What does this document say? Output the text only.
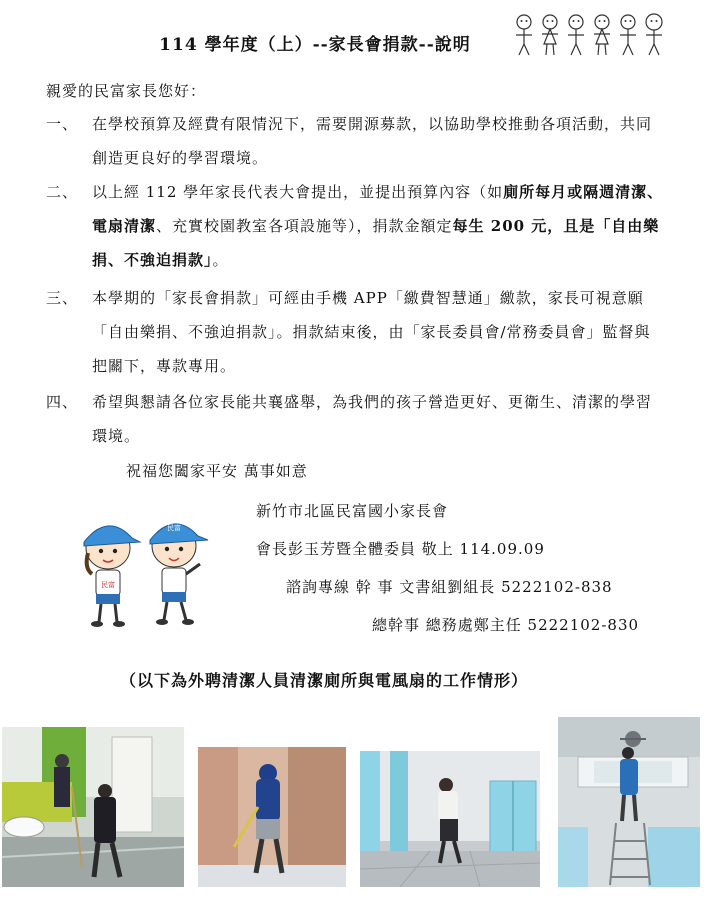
114 學年度（上）--家長會捐款--說明
親愛的民富家長您好：
一、 在學校預算及經費有限情況下，需要開源募款，以協助學校推動各項活動，共同創造更良好的學習環境。
二、 以上經 112 學年家長代表大會提出，並提出預算內容（如廁所每月或隔週清潔、電扇清潔、充實校園教室各項設施等），捐款金額定每生 200 元，且是「自由樂捐、不強迫捐款」。
三、 本學期的「家長會捐款」可經由手機 APP「繳費智慧通」繳款，家長可視意願「自由樂捐、不強迫捐款」。捐款結束後，由「家長委員會/常務委員會」監督與把關下，專款專用。
四、 希望與懇請各位家長能共襄盛舉，為我們的孩子營造更好、更衛生、清潔的學習環境。
祝福您闔家平安 萬事如意
民富
民富
新竹市北區民富國小家長會
會長彭玉芳暨全體委員 敬上 114.09.09
諮詢專線 幹 事 文書組劉組長 5222102-838
總幹事 總務處鄭主任 5222102-830
（以下為外聘清潔人員清潔廁所與電風扇的工作情形）
